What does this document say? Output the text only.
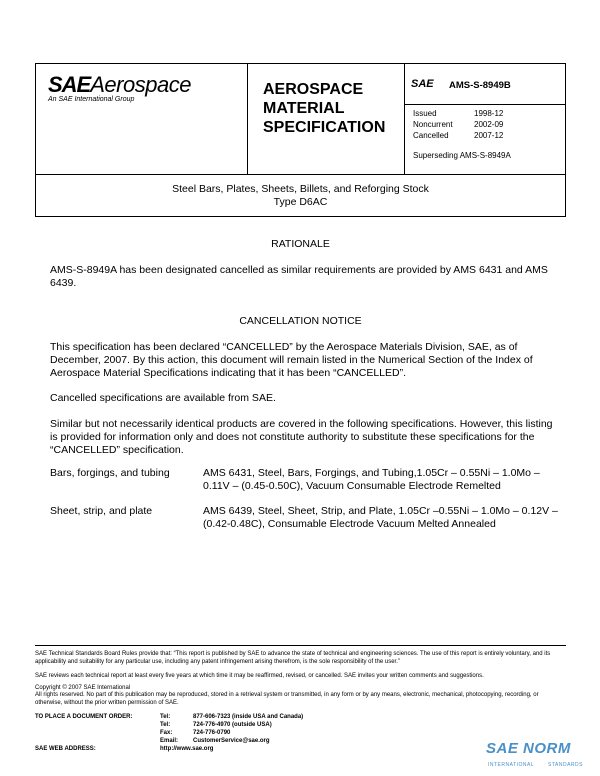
SAEAerospace
An SAE International Group
AEROSPACE
MATERIAL
SPECIFICATION
SAE AMS-S-8949B
Issued	1998-12
Noncurrent	2002-09
Cancelled	2007-12
Superseding AMS-S-8949A
Steel Bars, Plates, Sheets, Billets, and Reforging Stock
Type D6AC
RATIONALE
AMS-S-8949A has been designated cancelled as similar requirements are provided by AMS 6431 and AMS 6439.
CANCELLATION NOTICE
This specification has been declared “CANCELLED” by the Aerospace Materials Division, SAE, as of December, 2007. By this action, this document will remain listed in the Numerical Section of the Index of Aerospace Material Specifications indicating that it has been “CANCELLED”.
Cancelled specifications are available from SAE.
Similar but not necessarily identical products are covered in the following specifications. However, this listing is provided for information only and does not constitute authority to substitute these specifications for the “CANCELLED” specification.
Bars, forgings, and tubing	AMS 6431, Steel, Bars, Forgings, and Tubing,1.05Cr – 0.55Ni – 1.0Mo – 0.11V – (0.45-0.50C), Vacuum Consumable Electrode Remelted
Sheet, strip, and plate	AMS 6439, Steel, Sheet, Strip, and Plate, 1.05Cr –0.55Ni – 1.0Mo – 0.12V – (0.42-0.48C), Consumable Electrode Vacuum Melted Annealed
SAE Technical Standards Board Rules provide that: “This report is published by SAE to advance the state of technical and engineering sciences. The use of this report is entirely voluntary, and its applicability and suitability for any particular use, including any patent infringement arising therefrom, is the sole responsibility of the user.”
SAE reviews each technical report at least every five years at which time it may be reaffirmed, revised, or cancelled. SAE invites your written comments and suggestions.
Copyright © 2007 SAE International
All rights reserved. No part of this publication may be reproduced, stored in a retrieval system or transmitted, in any form or by any means, electronic, mechanical, photocopying, recording, or otherwise, without the prior written permission of SAE.
TO PLACE A DOCUMENT ORDER:	Tel:	877-606-7323 (inside USA and Canada)
Tel:	724-776-4970 (outside USA)
Fax:	724-776-0790
Email: CustomerService@sae.org
SAE WEB ADDRESS:	http://www.sae.org	SAE NORM
INTERNATIONAL	STANDARDS
